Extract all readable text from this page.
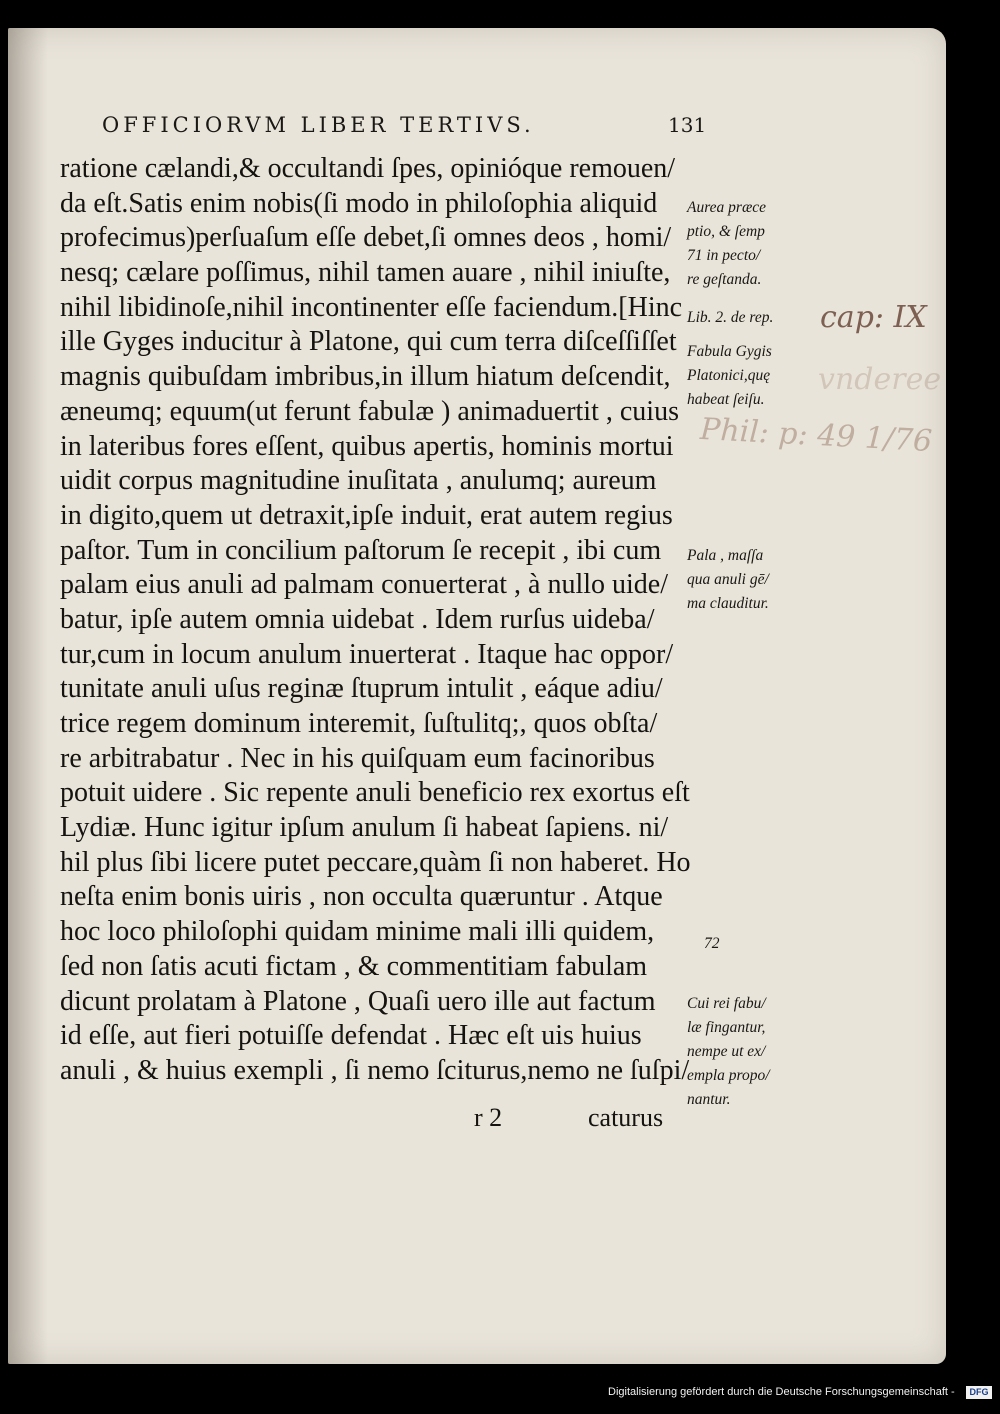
OFFICIORVM LIBER TERTIVS.	131
ratione cælandi,& occultandi ſpes, opinióque remouen/
da eſt.Satis enim nobis(ſi modo in philoſophia aliquid
profecimus)perſuaſum eſſe debet,ſi omnes deos , homi/
nesq; cælare poſſimus, nihil tamen auare , nihil iniuſte,
nihil libidinoſe,nihil incontinenter eſſe faciendum.[Hinc
ille Gyges inducitur à Platone, qui cum terra diſceſſiſſet
magnis quibuſdam imbribus,in illum hiatum deſcendit,
æneumq; equum(ut ferunt fabulæ ) animaduertit , cuius
in lateribus fores eſſent, quibus apertis, hominis mortui
uidit corpus magnitudine inuſitata , anulumq; aureum
in digito,quem ut detraxit,ipſe induit, erat autem regius
paſtor. Tum in concilium paſtorum ſe recepit , ibi cum
palam eius anuli ad palmam conuerterat , à nullo uide/
batur, ipſe autem omnia uidebat . Idem rurſus uideba/
tur,cum in locum anulum inuerterat . Itaque hac oppor/
tunitate anuli uſus reginæ ſtuprum intulit , eáque adiu/
trice regem dominum interemit, ſuſtulitq;, quos obſta/
re arbitrabatur . Nec in his quiſquam eum facinoribus
potuit uidere . Sic repente anuli beneficio rex exortus eſt
Lydiæ. Hunc igitur ipſum anulum ſi habeat ſapiens. ni/
hil plus ſibi licere putet peccare,quàm ſi non haberet. Ho
neſta enim bonis uiris , non occulta quæruntur . Atque
hoc loco philoſophi quidam minime mali illi quidem,
ſed non ſatis acuti fictam , & commentitiam fabulam
dicunt prolatam à Platone , Quaſi uero ille aut factum
id eſſe, aut fieri potuiſſe defendat . Hæc eſt uis huius
anuli , & huius exempli , ſi nemo ſciturus,nemo ne ſuſpi/
r 2	caturus
Aurea præce
ptio, & ſemp
71 in pecto/
re geſtanda.
Lib. 2. de rep.
Fabula Gygis
Platonici,quę
habeat ſeiſu.
Pala , maſſa
qua anuli gē/
ma clauditur.
72
Cui rei fabu/
læ fingantur,
nempe ut ex/
empla propo/
nantur.
cap: IX
vnderee
Phil: p: 49 1/76
Digitalisierung gefördert durch die Deutsche Forschungsgemeinschaft -	DFG
